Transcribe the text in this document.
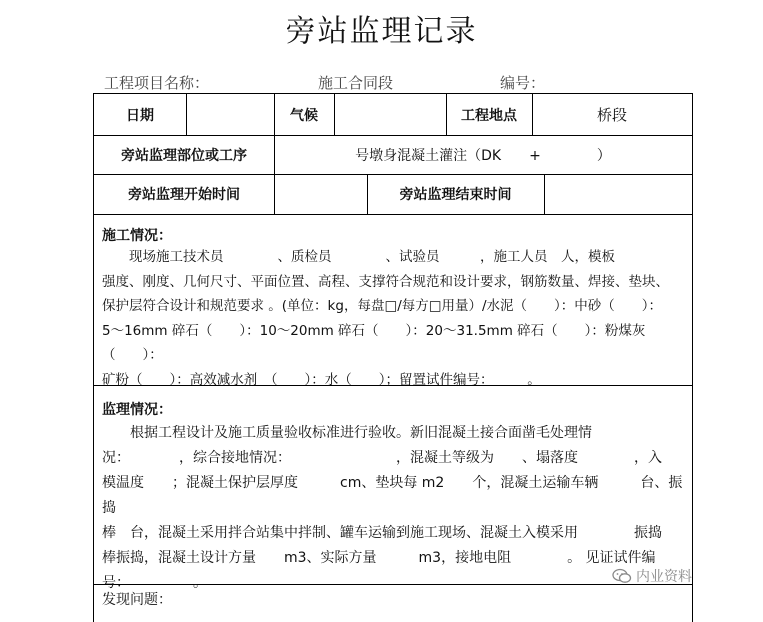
旁站监理记录
工程项目名称：	施工合同段	编号：
日期	气候	工程地点	桥段
旁站监理部位或工序	号墩身混凝土灌注（DK　　+　　　　）
旁站监理开始时间	旁站监理结束时间
施工情况：

现场施工技术员　　　　、质检员　　　　、试验员　　　，施工人员　人，模板

强度、刚度、几何尺寸、平面位置、高程、支撑符合规范和设计要求，钢筋数量、焊接、垫块、

保护层符合设计和规范要求 。(单位：kg，每盘□/每方□用量）/水泥（　　）：中砂（　　）：

5～16mm 碎石（　　）：10～20mm 碎石（　　）：20～31.5mm 碎石（　　）：粉煤灰（　　）：

矿粉（　　）：高效减水剂　（　　）：水（　　）；留置试件编号：　　　。

监理情况：

根据工程设计及施工质量验收标准进行验收。新旧混凝土接合面凿毛处理情

况：　　　　，综合接地情况：　　　　　　　　，混凝土等级为　　、塌落度　　　　，入

模温度　　；混凝土保护层厚度　　　cm、垫块每 m2　　个，混凝土运输车辆　　　台、振捣

棒　台，混凝土采用拌合站集中拌制、罐车运输到施工现场、混凝土入模采用　　　　振捣

棒振捣，混凝土设计方量　　m3、实际方量　　　m3，接地电阻　　　　。 见证试件编

号：　　　　　。

发现问题：
内业资料
